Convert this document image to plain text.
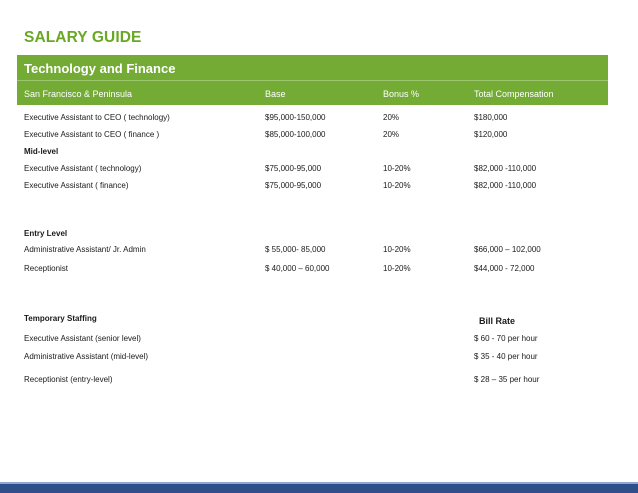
SALARY GUIDE
Technology and Finance
San Francisco & Peninsula	Base	Bonus %	Total Compensation
Executive Assistant to CEO ( technology)	$95,000-150,000	20%	$180,000
Executive Assistant to CEO ( finance )	$85,000-100,000	20%	$120,000
Mid-level
Executive Assistant ( technology)	$75,000-95,000	10-20%	$82,000 -110,000
Executive Assistant ( finance)	$75,000-95,000	10-20%	$82,000 -110,000
Entry Level
Administrative Assistant/ Jr. Admin	$ 55,000- 85,000	10-20%	$66,000 – 102,000
Receptionist	$ 40,000 – 60,000	10-20%	$44,000 - 72,000
Temporary Staffing	Bill Rate
Executive Assistant (senior level)	$ 60 - 70 per hour
Administrative Assistant (mid-level)	$ 35 - 40 per hour
Receptionist (entry-level)	$ 28 – 35 per hour
